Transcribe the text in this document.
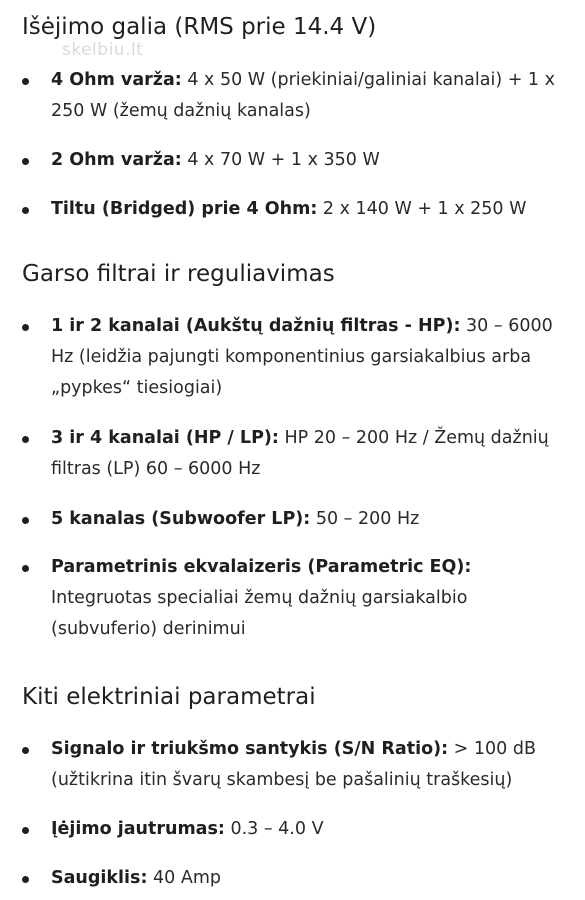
skelbiu.lt
Išėjimo galia (RMS prie 14.4 V)
4 Ohm varža: 4 x 50 W (priekiniai/galiniai kanalai) + 1 x 250 W (žemų dažnių kanalas)
2 Ohm varža: 4 x 70 W + 1 x 350 W
Tiltu (Bridged) prie 4 Ohm: 2 x 140 W + 1 x 250 W
Garso filtrai ir reguliavimas
1 ir 2 kanalai (Aukštų dažnių filtras - HP): 30 – 6000 Hz (leidžia pajungti komponentinius garsiakalbius arba „pypkes“ tiesiogiai)
3 ir 4 kanalai (HP / LP): HP 20 – 200 Hz / Žemų dažnių filtras (LP) 60 – 6000 Hz
5 kanalas (Subwoofer LP): 50 – 200 Hz
Parametrinis ekvalaizeris (Parametric EQ): Integruotas specialiai žemų dažnių garsiakalbio (subvuferio) derinimui
Kiti elektriniai parametrai
Signalo ir triukšmo santykis (S/N Ratio): > 100 dB (užtikrina itin švarų skambesį be pašalinių traškesių)
Įėjimo jautrumas: 0.3 – 4.0 V
Saugiklis: 40 Amp
